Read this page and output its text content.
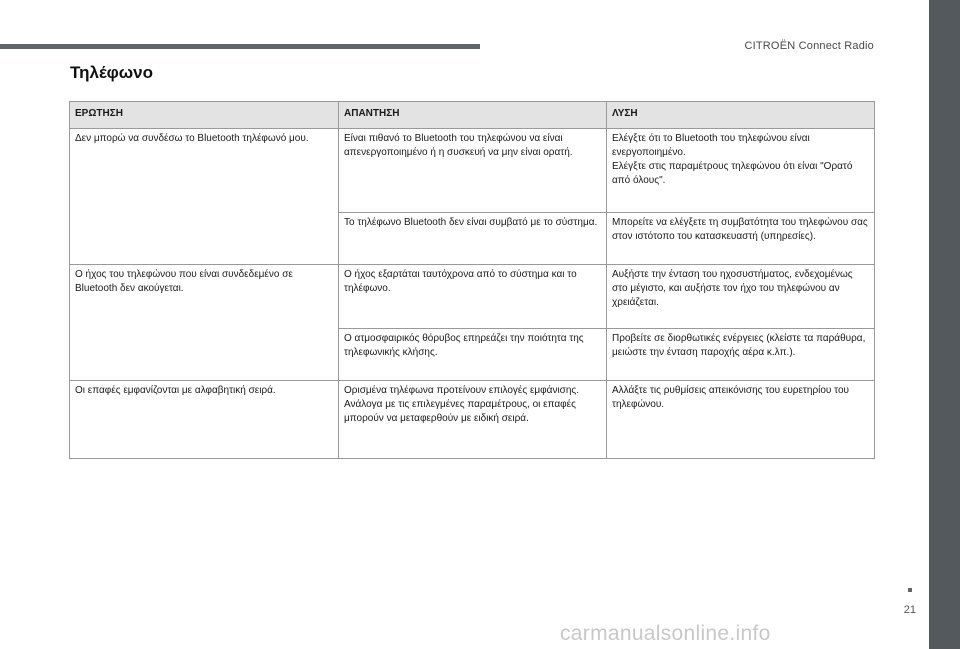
CITROËN Connect Radio
Τηλέφωνο
ΕΡΩΤΗΣΗ	ΑΠΑΝΤΗΣΗ	ΛΥΣΗ

Δεν μπορώ να συνδέσω το Bluetooth τηλέφωνό μου.	Είναι πιθανό το Bluetooth του τηλεφώνου να είναι απενεργοποιημένο ή η συσκευή να μην είναι ορατή.	Ελέγξτε ότι το Bluetooth του τηλεφώνου είναι ενεργοποιημένο.
Ελέγξτε στις παραμέτρους τηλεφώνου ότι είναι "Ορατό από όλους".

	Το τηλέφωνο Bluetooth δεν είναι συμβατό με το σύστημα.	Μπορείτε να ελέγξετε τη συμβατότητα του τηλεφώνου σας στον ιστότοπο του κατασκευαστή (υπηρεσίες).

Ο ήχος του τηλεφώνου που είναι συνδεδεμένο σε Bluetooth δεν ακούγεται.	Ο ήχος εξαρτάται ταυτόχρονα από το σύστημα και το τηλέφωνο.	Αυξήστε την ένταση του ηχοσυστήματος, ενδεχομένως στο μέγιστο, και αυξήστε τον ήχο του τηλεφώνου αν χρειάζεται.

	Ο ατμοσφαιρικός θόρυβος επηρεάζει την ποιότητα της τηλεφωνικής κλήσης.	Προβείτε σε διορθωτικές ενέργειες (κλείστε τα παράθυρα, μειώστε την ένταση παροχής αέρα κ.λπ.).

Οι επαφές εμφανίζονται με αλφαβητική σειρά.	Ορισμένα τηλέφωνα προτείνουν επιλογές εμφάνισης. Ανάλογα με τις επιλεγμένες παραμέτρους, οι επαφές μπορούν να μεταφερθούν με ειδική σειρά.	Αλλάξτε τις ρυθμίσεις απεικόνισης του ευρετηρίου του τηλεφώνου.
21
carmanualsonline.info
